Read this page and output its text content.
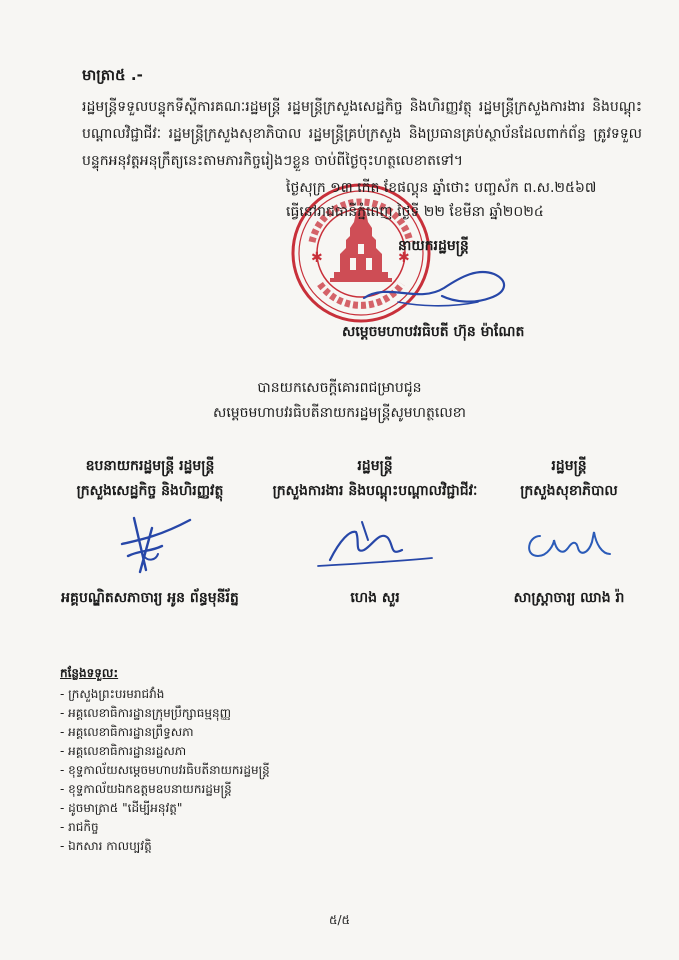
មាត្រា៥ .-
រដ្ឋមន្ត្រីទទួលបន្ទុកទីស្តីការគណៈរដ្ឋមន្ត្រី រដ្ឋមន្ត្រីក្រសួងសេដ្ឋកិច្ច និងហិរញ្ញវត្ថុ រដ្ឋមន្ត្រីក្រសួងការងារ និងបណ្តុះបណ្តាលវិជ្ជាជីវៈ រដ្ឋមន្ត្រីក្រសួងសុខាភិបាល រដ្ឋមន្ត្រីគ្រប់ក្រសួង និងប្រធានគ្រប់ស្ថាប័នដែលពាក់ព័ន្ធ ត្រូវទទួលបន្ទុកអនុវត្តអនុក្រឹត្យនេះតាមភារកិច្ចរៀងៗខ្លួន ចាប់ពីថ្ងៃចុះហត្ថលេខាតទៅ។
✱	✱
ថ្ងៃសុក្រ ១៣ កើត ខែផល្គុន ឆ្នាំថោះ បញ្ចស័ក ព.ស.២៥៦៧
ធ្វើនៅរាជធានីភ្នំពេញ ថ្ងៃទី ២២ ខែមីនា ឆ្នាំ២០២៤
នាយករដ្ឋមន្ត្រី
សម្តេចមហាបវរធិបតី ហ៊ុន ម៉ាណែត
បានយកសេចក្តីគោរពជម្រាបជូន
សម្តេចមហាបវរធិបតីនាយករដ្ឋមន្ត្រីសូមហត្ថលេខា
ឧបនាយករដ្ឋមន្ត្រី រដ្ឋមន្ត្រី
ក្រសួងសេដ្ឋកិច្ច និងហិរញ្ញវត្ថុ
អគ្គបណ្ឌិតសភាចារ្យ អូន ព័ន្ធមុនីរ័ត្ន
រដ្ឋមន្ត្រី
ក្រសួងការងារ និងបណ្តុះបណ្តាលវិជ្ជាជីវៈ
ហេង សួរ
រដ្ឋមន្ត្រី
ក្រសួងសុខាភិបាល
សាស្ត្រាចារ្យ ឈាង រ៉ា
កន្លែងទទួល:
- ក្រសួងព្រះបរមរាជវាំង
- អគ្គលេខាធិការដ្ឋានក្រុមប្រឹក្សាធម្មនុញ្ញ
- អគ្គលេខាធិការដ្ឋានព្រឹទ្ធសភា
- អគ្គលេខាធិការដ្ឋានរដ្ឋសភា
- ខុទ្ទកាល័យសម្តេចមហាបវរធិបតីនាយករដ្ឋមន្ត្រី
- ខុទ្ទកាល័យឯកឧត្តមឧបនាយករដ្ឋមន្ត្រី
- ដូចមាត្រា៥ "ដើម្បីអនុវត្ត"
- រាជកិច្ច
- ឯកសារ កាលប្បវត្តិ
៥/៥
